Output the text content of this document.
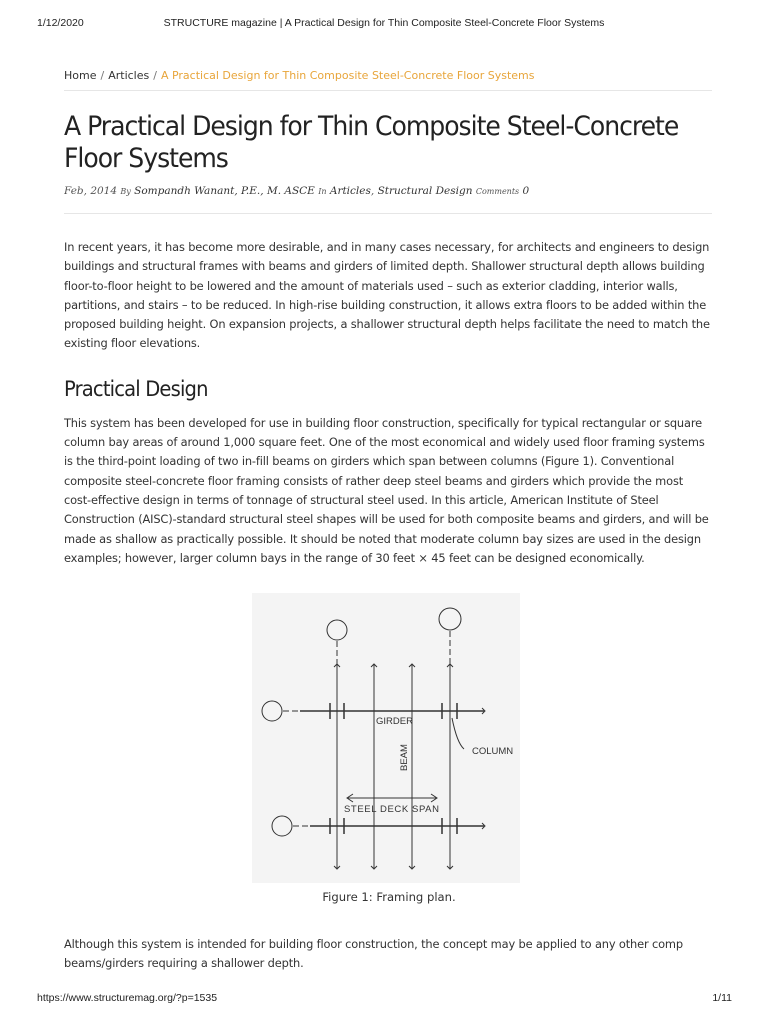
1/12/2020	STRUCTURE magazine | A Practical Design for Thin Composite Steel-Concrete Floor Systems
Home / Articles / A Practical Design for Thin Composite Steel-Concrete Floor Systems
A Practical Design for Thin Composite Steel-Concrete Floor Systems
Feb, 2014 By Sompandh Wanant, P.E., M. ASCE In Articles, Structural Design Comments 0

In recent years, it has become more desirable, and in many cases necessary, for architects and engineers to design buildings and structural frames with beams and girders of limited depth. Shallower structural depth allows building floor-to-floor height to be lowered and the amount of materials used – such as exterior cladding, interior walls, partitions, and stairs – to be reduced. In high-rise building construction, it allows extra floors to be added within the proposed building height. On expansion projects, a shallower structural depth helps facilitate the need to match the existing floor elevations.

Practical Design

This system has been developed for use in building floor construction, specifically for typical rectangular or square column bay areas of around 1,000 square feet. One of the most economical and widely used floor framing systems is the third-point loading of two in-fill beams on girders which span between columns (Figure 1). Conventional composite steel-concrete floor framing consists of rather deep steel beams and girders which provide the most cost-effective design in terms of tonnage of structural steel used. In this article, American Institute of Steel Construction (AISC)-standard structural steel shapes will be used for both composite beams and girders, and will be made as shallow as practically possible. It should be noted that moderate column bay sizes are used in the design examples; however, larger column bays in the range of 30 feet × 45 feet can be designed economically.

GIRDER
BEAM	COLUMN
STEEL DECK SPAN
Figure 1: Framing plan.

Although this system is intended for building floor construction, the concept may be applied to any other comp beams/girders requiring a shallower depth.

https://www.structuremag.org/?p=1535	1/11
